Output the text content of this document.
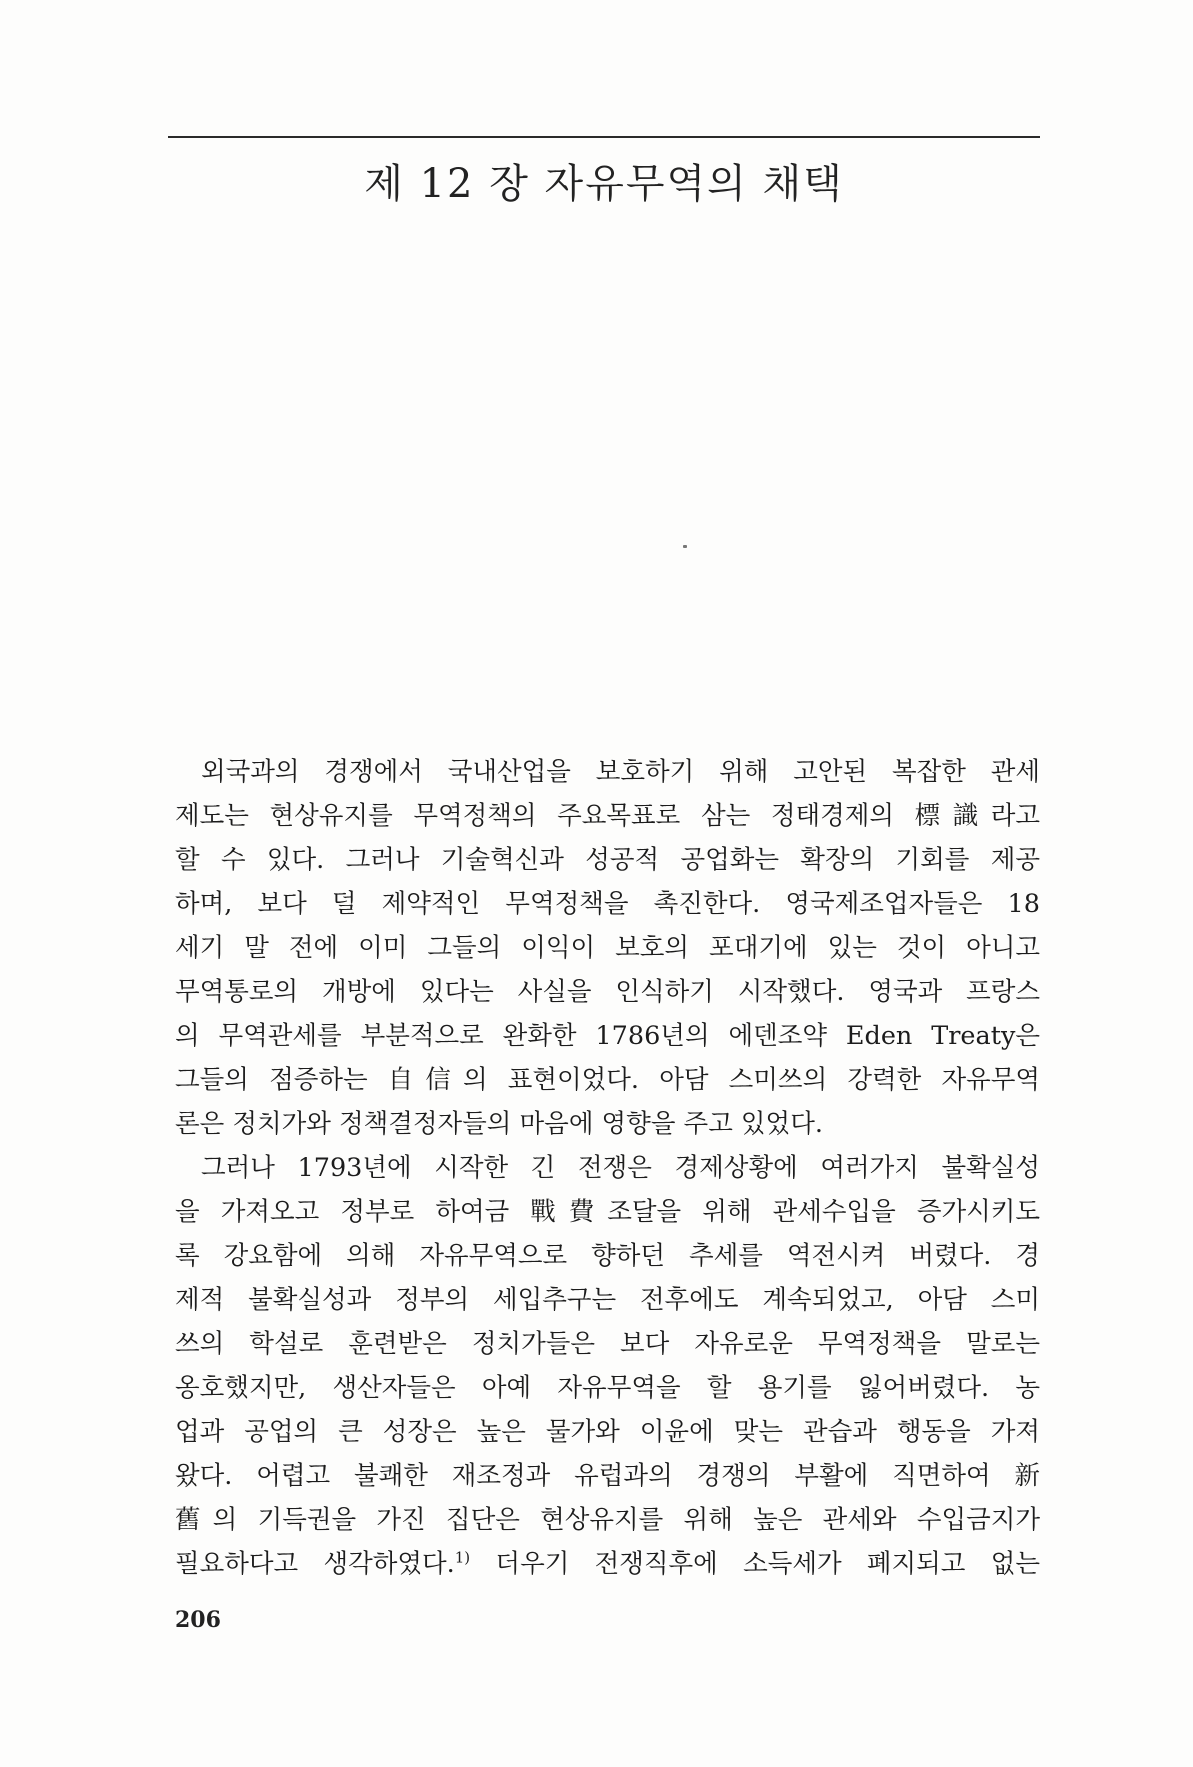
제 12 장 자유무역의 채택
외국과의 경쟁에서 국내산업을 보호하기 위해 고안된 복잡한 관세
제도는 현상유지를 무역정책의 주요목표로 삼는 정태경제의 標識라고
할 수 있다. 그러나 기술혁신과 성공적 공업화는 확장의 기회를 제공
하며, 보다 덜 제약적인 무역정책을 촉진한다. 영국제조업자들은 18
세기 말 전에 이미 그들의 이익이 보호의 포대기에 있는 것이 아니고
무역통로의 개방에 있다는 사실을 인식하기 시작했다. 영국과 프랑스
의 무역관세를 부분적으로 완화한 1786년의 에덴조약 Eden Treaty은
그들의 점증하는 自信의 표현이었다. 아담 스미쓰의 강력한 자유무역
론은 정치가와 정책결정자들의 마음에 영향을 주고 있었다.
그러나 1793년에 시작한 긴 전쟁은 경제상황에 여러가지 불확실성
을 가져오고 정부로 하여금 戰費조달을 위해 관세수입을 증가시키도
록 강요함에 의해 자유무역으로 향하던 추세를 역전시켜 버렸다. 경
제적 불확실성과 정부의 세입추구는 전후에도 계속되었고, 아담 스미
쓰의 학설로 훈련받은 정치가들은 보다 자유로운 무역정책을 말로는
옹호했지만, 생산자들은 아예 자유무역을 할 용기를 잃어버렸다. 농
업과 공업의 큰 성장은 높은 물가와 이윤에 맞는 관습과 행동을 가져
왔다. 어렵고 불쾌한 재조정과 유럽과의 경쟁의 부활에 직면하여 新
舊의 기득권을 가진 집단은 현상유지를 위해 높은 관세와 수입금지가
필요하다고 생각하였다.$^{1)}$ 더우기 전쟁직후에 소득세가 폐지되고 없는
206
